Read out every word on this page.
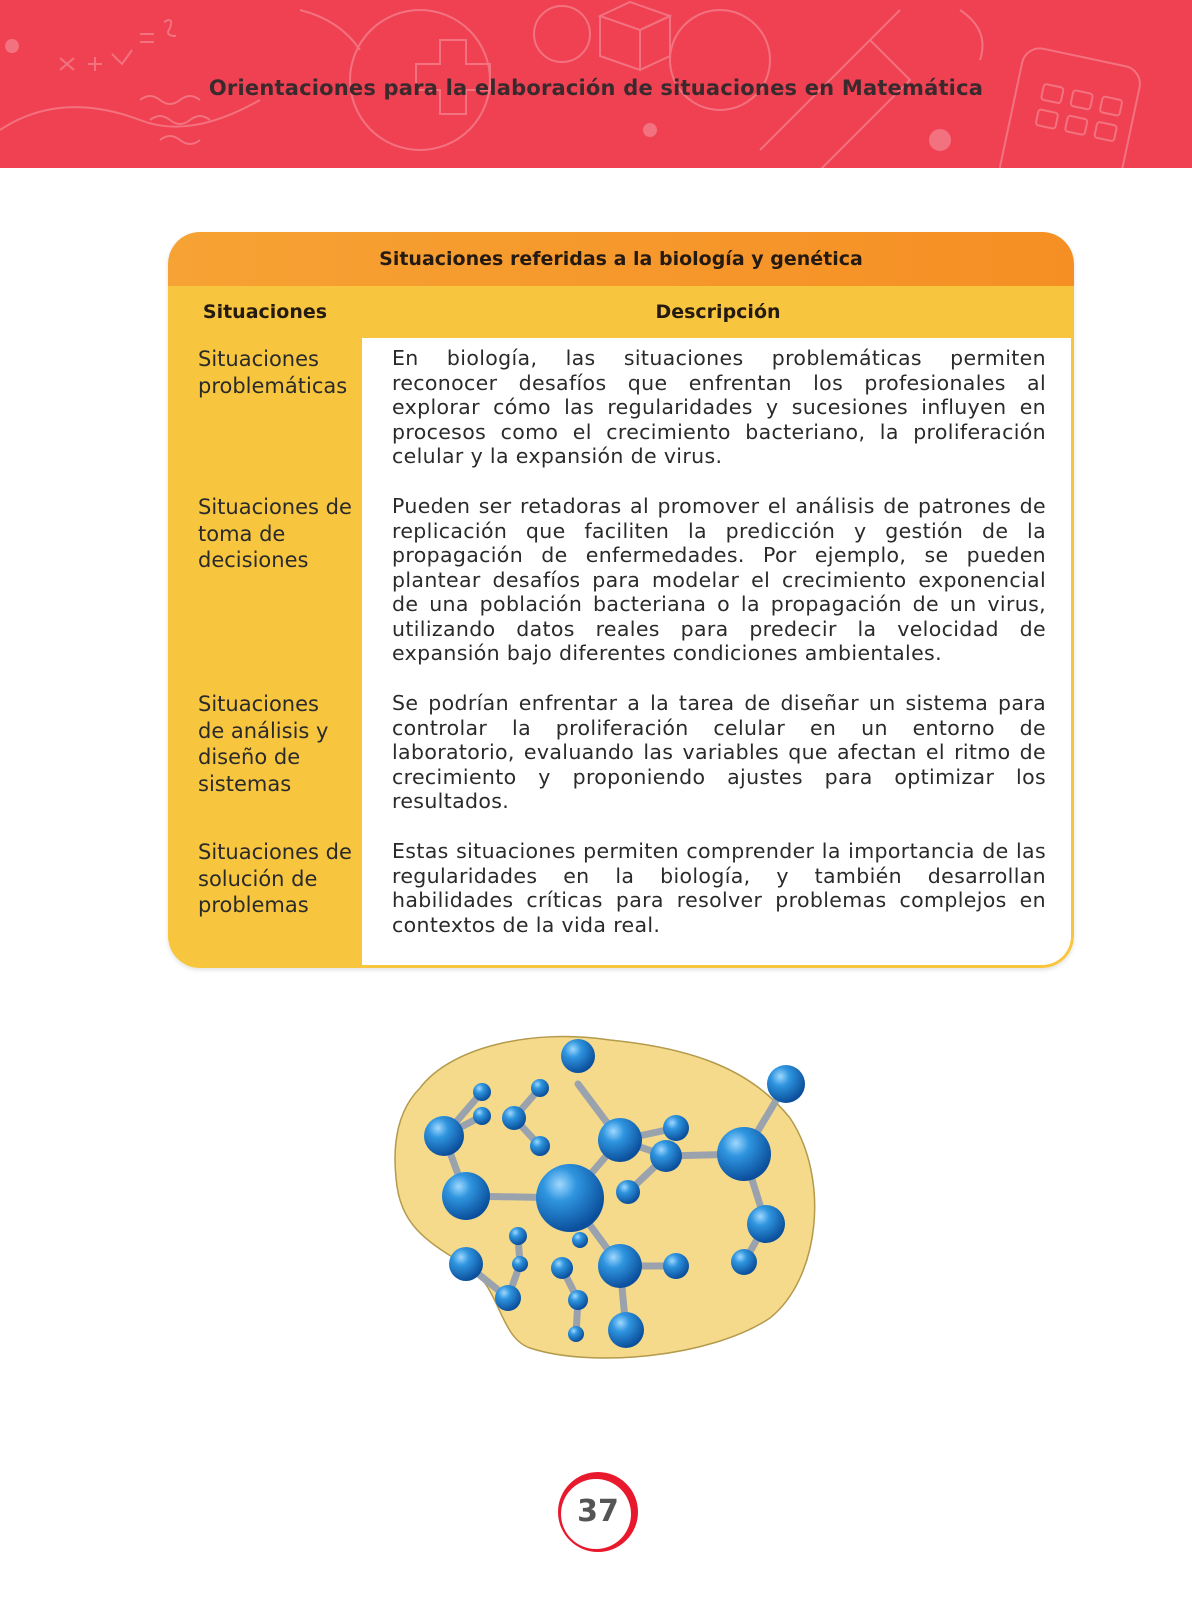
Orientaciones para la elaboración de situaciones en Matemática
Situaciones referidas a la biología y genética
Situaciones	Descripción
Situaciones problemáticas
En biología, las situaciones problemáticas permiten reconocer desafíos que enfrentan los profesionales al explorar cómo las regularidades y sucesiones influyen en procesos como el crecimiento bacteriano, la proliferación celular y la expansión de virus.
Situaciones de toma de decisiones
Pueden ser retadoras al promover el análisis de patrones de replicación que faciliten la predicción y gestión de la propagación de enfermedades. Por ejemplo, se pueden plantear desafíos para modelar el crecimiento exponencial de una población bacteriana o la propagación de un virus, utilizando datos reales para predecir la velocidad de expansión bajo diferentes condiciones ambientales.
Situaciones de análisis y diseño de sistemas
Se podrían enfrentar a la tarea de diseñar un sistema para controlar la proliferación celular en un entorno de laboratorio, evaluando las variables que afectan el ritmo de crecimiento y proponiendo ajustes para optimizar los resultados.
Situaciones de solución de problemas
Estas situaciones permiten comprender la importancia de las regularidades en la biología, y también desarrollan habilidades críticas para resolver problemas complejos en contextos de la vida real.
37
